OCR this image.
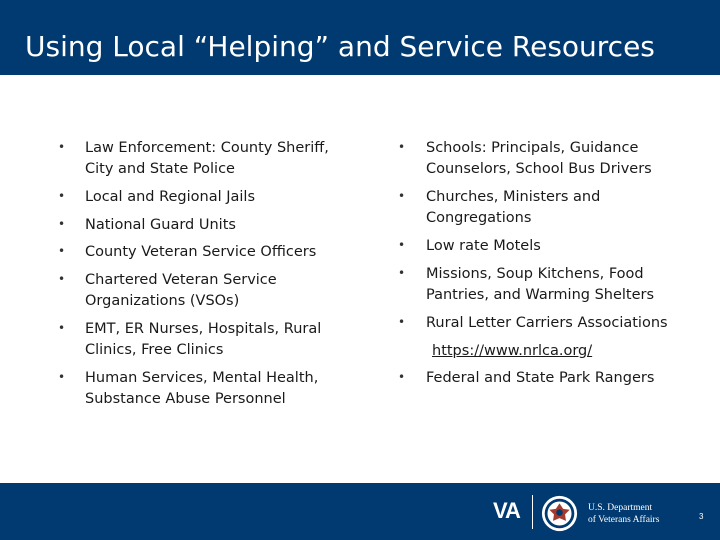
Using Local “Helping” and Service Resources
• Law Enforcement: County Sheriff,
City and State Police
• Local and Regional Jails
• National Guard Units
• County Veteran Service Officers
• Chartered Veteran Service
Organizations (VSOs)
• EMT, ER Nurses, Hospitals, Rural
Clinics, Free Clinics
• Human Services, Mental Health,
Substance Abuse Personnel
• Schools: Principals, Guidance
Counselors, School Bus Drivers
• Churches, Ministers and
Congregations
• Low rate Motels
• Missions, Soup Kitchens, Food
Pantries, and Warming Shelters
• Rural Letter Carriers Associations
https://www.nrlca.org/
• Federal and State Park Rangers
VA	U.S. Department
of Veterans Affairs	3
